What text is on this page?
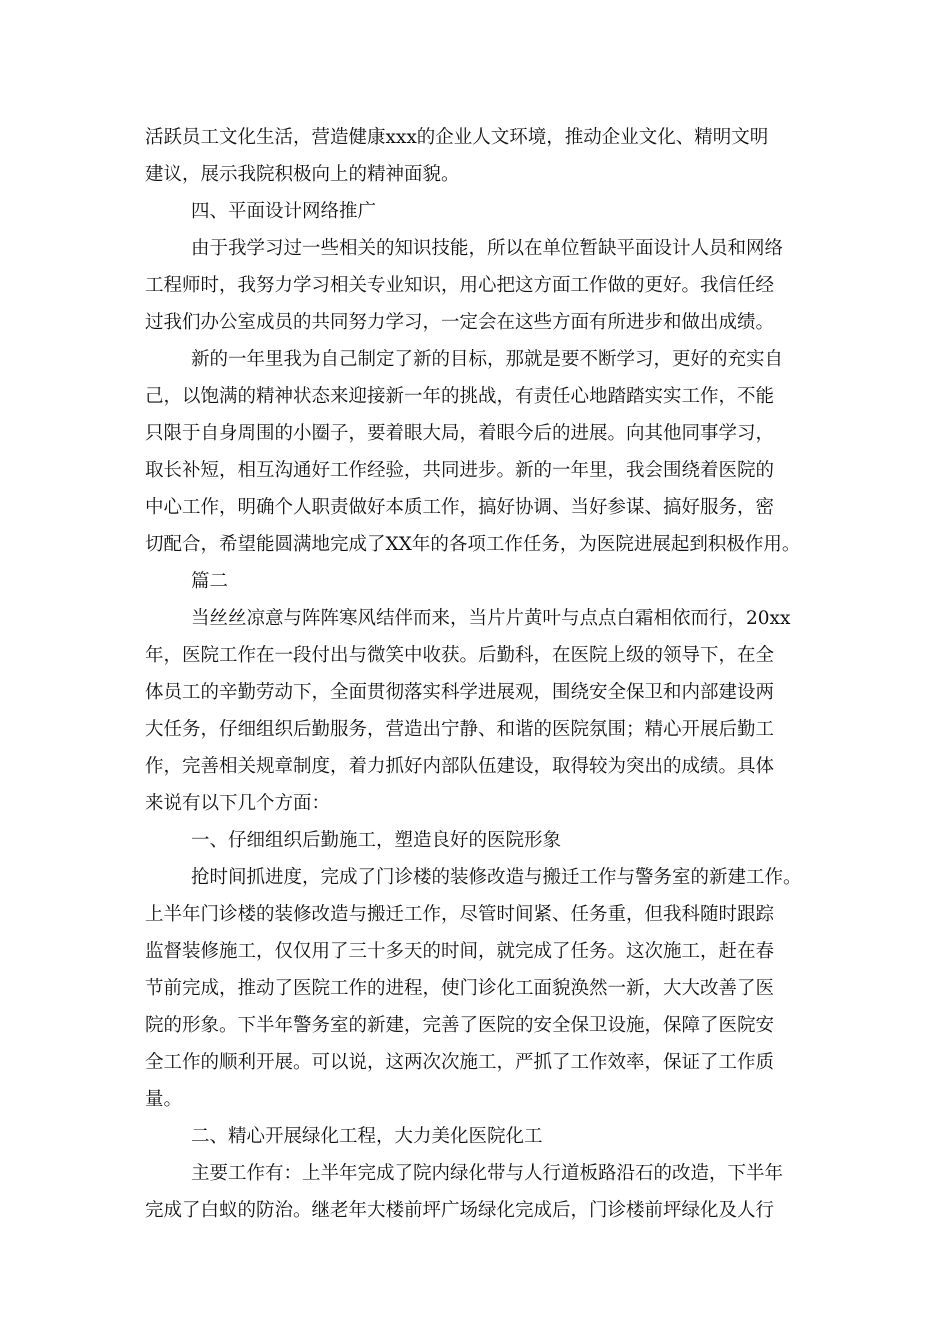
活跃员工文化生活，营造健康xxx的企业人文环境，推动企业文化、精明文明
建议，展示我院积极向上的精神面貌。
四、平面设计网络推广
由于我学习过一些相关的知识技能，所以在单位暂缺平面设计人员和网络
工程师时，我努力学习相关专业知识，用心把这方面工作做的更好。我信任经
过我们办公室成员的共同努力学习，一定会在这些方面有所进步和做出成绩。
新的一年里我为自己制定了新的目标，那就是要不断学习，更好的充实自
己，以饱满的精神状态来迎接新一年的挑战，有责任心地踏踏实实工作，不能
只限于自身周围的小圈子，要着眼大局，着眼今后的进展。向其他同事学习，
取长补短，相互沟通好工作经验，共同进步。新的一年里，我会围绕着医院的
中心工作，明确个人职责做好本质工作，搞好协调、当好参谋、搞好服务，密
切配合，希望能圆满地完成了XX年的各项工作任务，为医院进展起到积极作用。
篇二
当丝丝凉意与阵阵寒风结伴而来，当片片黄叶与点点白霜相依而行，20xx
年，医院工作在一段付出与微笑中收获。后勤科，在医院上级的领导下，在全
体员工的辛勤劳动下，全面贯彻落实科学进展观，围绕安全保卫和内部建设两
大任务，仔细组织后勤服务，营造出宁静、和谐的医院氛围；精心开展后勤工
作，完善相关规章制度，着力抓好内部队伍建设，取得较为突出的成绩。具体
来说有以下几个方面：
一、仔细组织后勤施工，塑造良好的医院形象
抢时间抓进度，完成了门诊楼的装修改造与搬迁工作与警务室的新建工作。
上半年门诊楼的装修改造与搬迁工作，尽管时间紧、任务重，但我科随时跟踪
监督装修施工，仅仅用了三十多天的时间，就完成了任务。这次施工，赶在春
节前完成，推动了医院工作的进程，使门诊化工面貌涣然一新，大大改善了医
院的形象。下半年警务室的新建，完善了医院的安全保卫设施，保障了医院安
全工作的顺利开展。可以说，这两次次施工，严抓了工作效率，保证了工作质
量。
二、精心开展绿化工程，大力美化医院化工
主要工作有：上半年完成了院内绿化带与人行道板路沿石的改造，下半年
完成了白蚁的防治。继老年大楼前坪广场绿化完成后，门诊楼前坪绿化及人行
